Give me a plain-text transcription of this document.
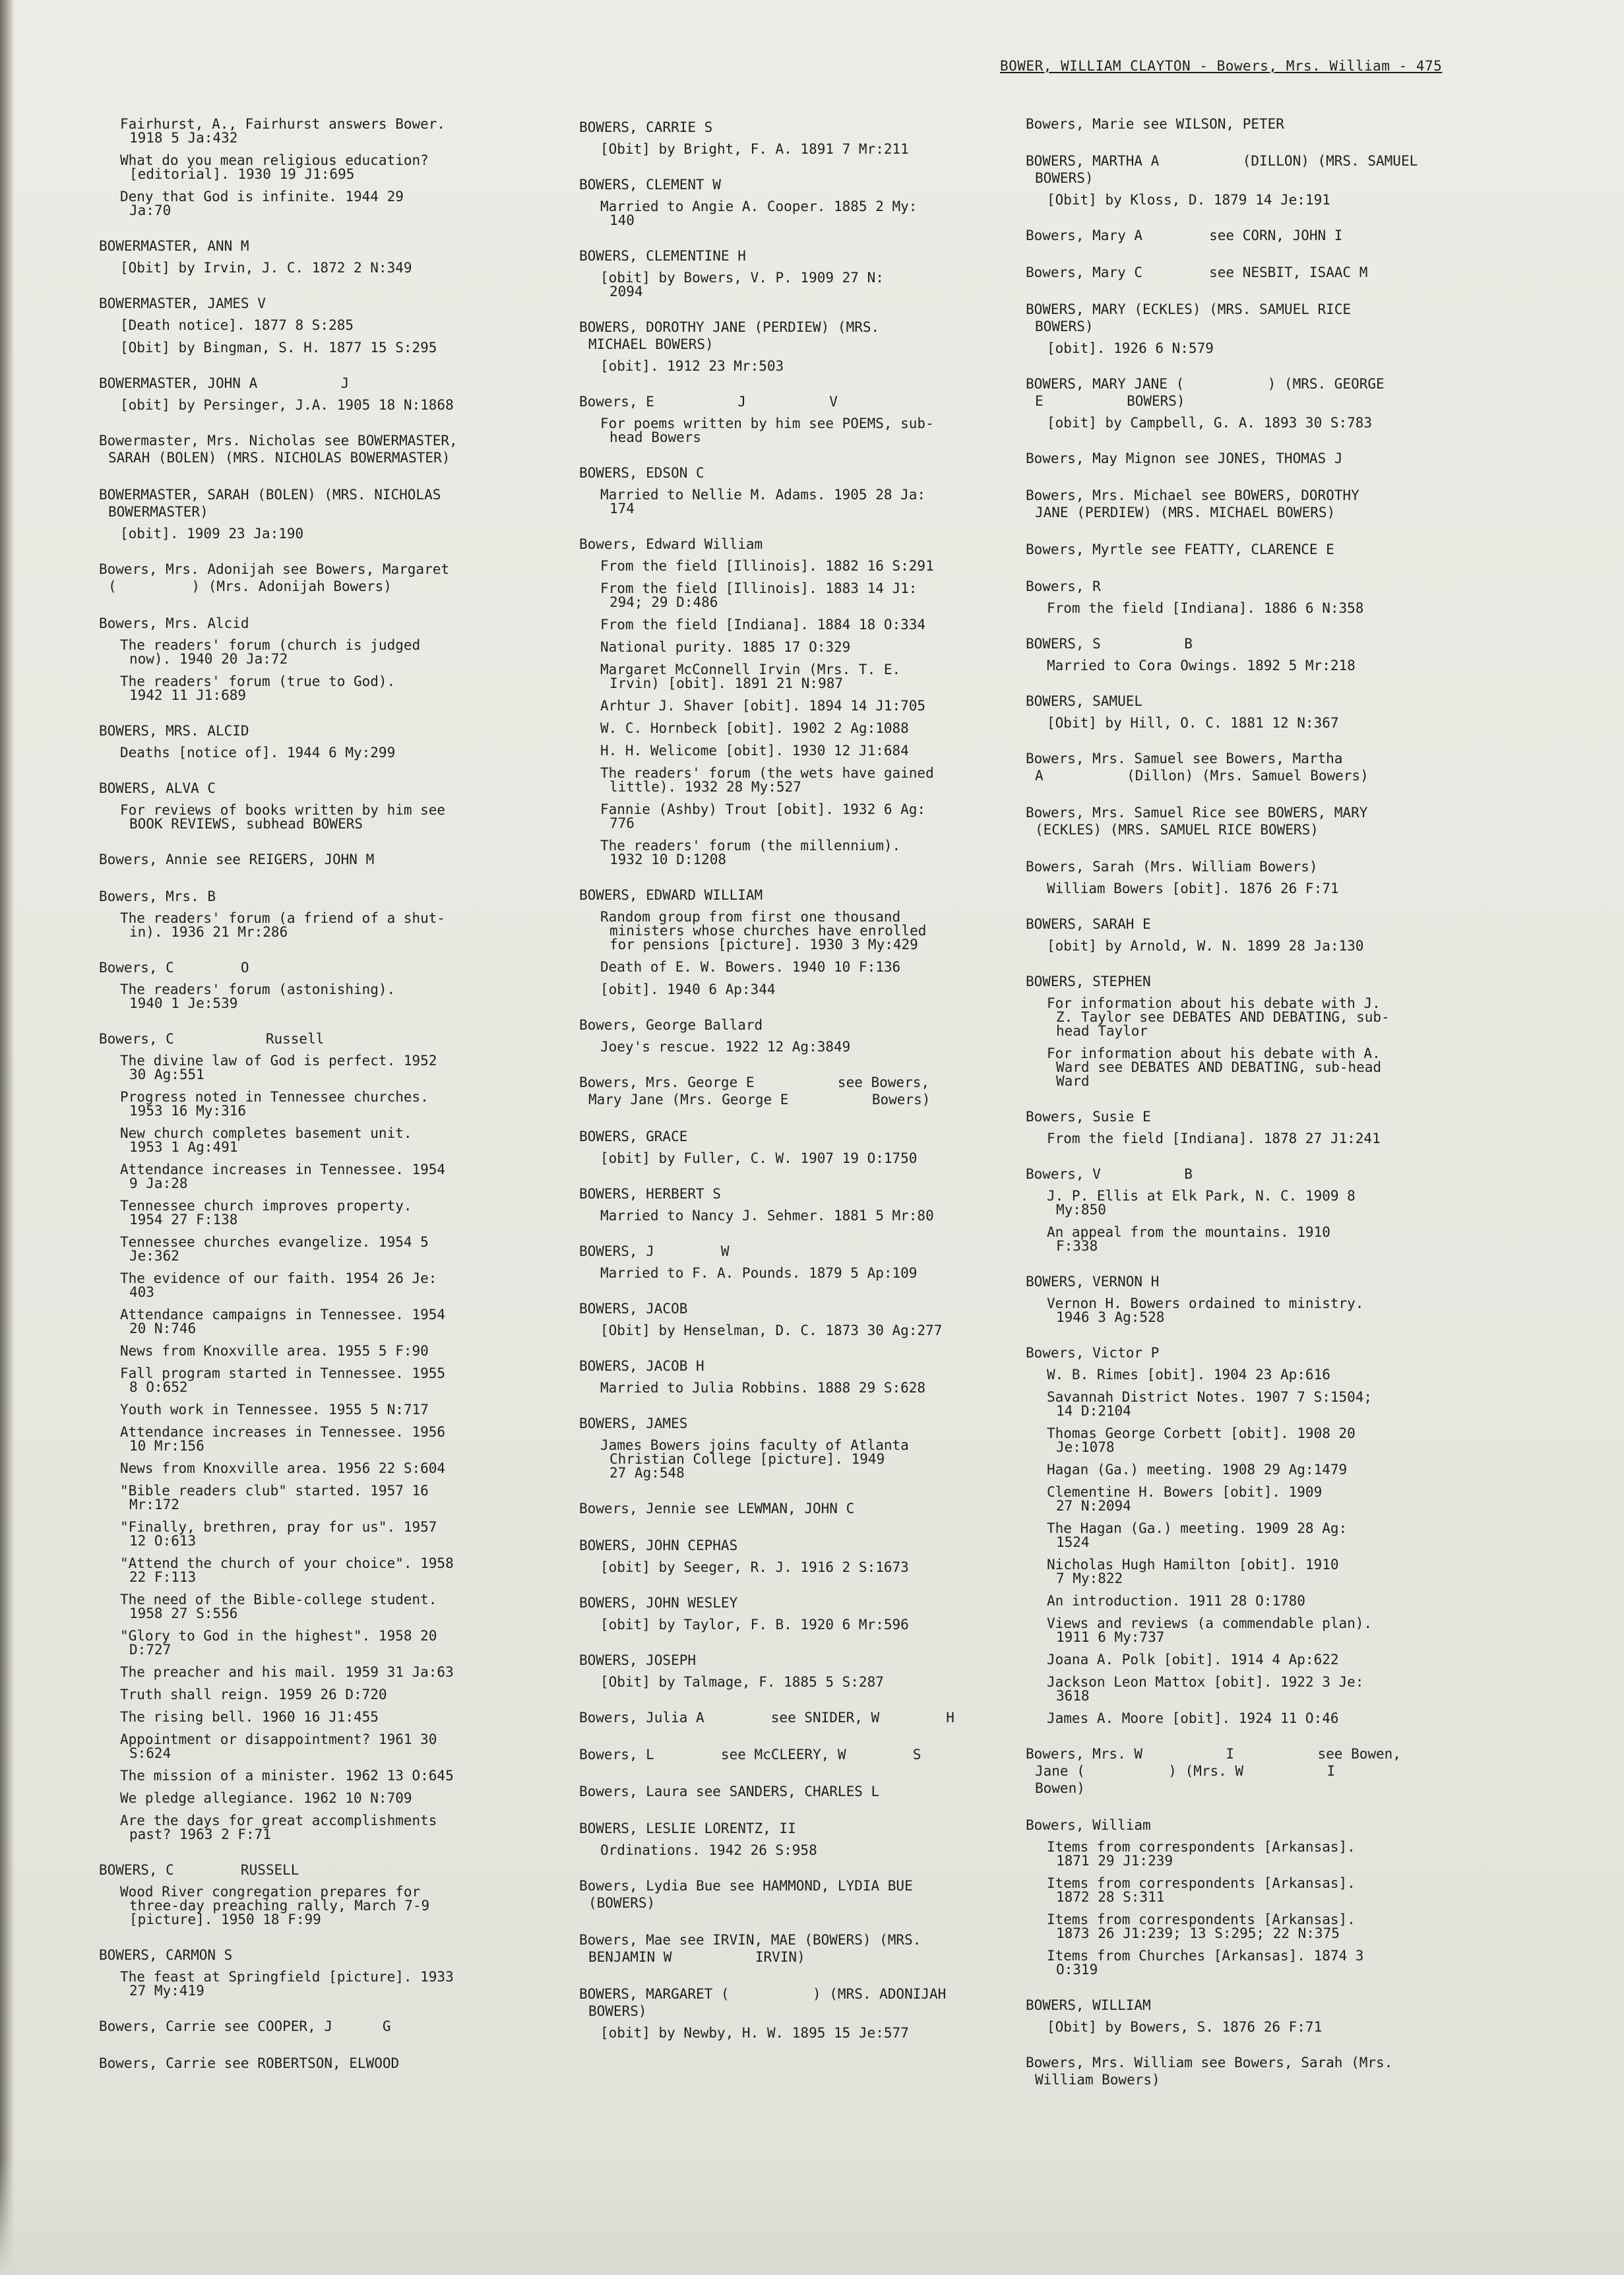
BOWER, WILLIAM CLAYTON - Bowers, Mrs. William - 475
Fairhurst, A., Fairhurst answers Bower.
1918 5 Ja:432
What do you mean religious education?
[editorial]. 1930 19 J1:695
Deny that God is infinite. 1944 29
Ja:70
BOWERMASTER, ANN M
[Obit] by Irvin, J. C. 1872 2 N:349
BOWERMASTER, JAMES V
[Death notice]. 1877 8 S:285
[Obit] by Bingman, S. H. 1877 15 S:295
BOWERMASTER, JOHN A          J
[obit] by Persinger, J.A. 1905 18 N:1868
Bowermaster, Mrs. Nicholas see BOWERMASTER,
SARAH (BOLEN) (MRS. NICHOLAS BOWERMASTER)
BOWERMASTER, SARAH (BOLEN) (MRS. NICHOLAS
BOWERMASTER)
[obit]. 1909 23 Ja:190
Bowers, Mrs. Adonijah see Bowers, Margaret
(         ) (Mrs. Adonijah Bowers)
Bowers, Mrs. Alcid
The readers' forum (church is judged
now). 1940 20 Ja:72
The readers' forum (true to God).
1942 11 J1:689
BOWERS, MRS. ALCID
Deaths [notice of]. 1944 6 My:299
BOWERS, ALVA C
For reviews of books written by him see
BOOK REVIEWS, subhead BOWERS
Bowers, Annie see REIGERS, JOHN M
Bowers, Mrs. B
The readers' forum (a friend of a shut-
in). 1936 21 Mr:286
Bowers, C        O
The readers' forum (astonishing).
1940 1 Je:539
Bowers, C           Russell
The divine law of God is perfect. 1952
30 Ag:551
Progress noted in Tennessee churches.
1953 16 My:316
New church completes basement unit.
1953 1 Ag:491
Attendance increases in Tennessee. 1954
9 Ja:28
Tennessee church improves property.
1954 27 F:138
Tennessee churches evangelize. 1954 5
Je:362
The evidence of our faith. 1954 26 Je:
403
Attendance campaigns in Tennessee. 1954
20 N:746
News from Knoxville area. 1955 5 F:90
Fall program started in Tennessee. 1955
8 O:652
Youth work in Tennessee. 1955 5 N:717
Attendance increases in Tennessee. 1956
10 Mr:156
News from Knoxville area. 1956 22 S:604
"Bible readers club" started. 1957 16
Mr:172
"Finally, brethren, pray for us". 1957
12 O:613
"Attend the church of your choice". 1958
22 F:113
The need of the Bible-college student.
1958 27 S:556
"Glory to God in the highest". 1958 20
D:727
The preacher and his mail. 1959 31 Ja:63
Truth shall reign. 1959 26 D:720
The rising bell. 1960 16 J1:455
Appointment or disappointment? 1961 30
S:624
The mission of a minister. 1962 13 O:645
We pledge allegiance. 1962 10 N:709
Are the days for great accomplishments
past? 1963 2 F:71
BOWERS, C        RUSSELL
Wood River congregation prepares for
three-day preaching rally, March 7-9
[picture]. 1950 18 F:99
BOWERS, CARMON S
The feast at Springfield [picture]. 1933
27 My:419
Bowers, Carrie see COOPER, J      G
Bowers, Carrie see ROBERTSON, ELWOOD
BOWERS, CARRIE S
[Obit] by Bright, F. A. 1891 7 Mr:211
BOWERS, CLEMENT W
Married to Angie A. Cooper. 1885 2 My:
140
BOWERS, CLEMENTINE H
[obit] by Bowers, V. P. 1909 27 N:
2094
BOWERS, DOROTHY JANE (PERDIEW) (MRS.
MICHAEL BOWERS)
[obit]. 1912 23 Mr:503
Bowers, E          J          V
For poems written by him see POEMS, sub-
head Bowers
BOWERS, EDSON C
Married to Nellie M. Adams. 1905 28 Ja:
174
Bowers, Edward William
From the field [Illinois]. 1882 16 S:291
From the field [Illinois]. 1883 14 J1:
294; 29 D:486
From the field [Indiana]. 1884 18 O:334
National purity. 1885 17 O:329
Margaret McConnell Irvin (Mrs. T. E.
Irvin) [obit]. 1891 21 N:987
Arhtur J. Shaver [obit]. 1894 14 J1:705
W. C. Hornbeck [obit]. 1902 2 Ag:1088
H. H. Welicome [obit]. 1930 12 J1:684
The readers' forum (the wets have gained
little). 1932 28 My:527
Fannie (Ashby) Trout [obit]. 1932 6 Ag:
776
The readers' forum (the millennium).
1932 10 D:1208
BOWERS, EDWARD WILLIAM
Random group from first one thousand
ministers whose churches have enrolled
for pensions [picture]. 1930 3 My:429
Death of E. W. Bowers. 1940 10 F:136
[obit]. 1940 6 Ap:344
Bowers, George Ballard
Joey's rescue. 1922 12 Ag:3849
Bowers, Mrs. George E          see Bowers,
Mary Jane (Mrs. George E          Bowers)
BOWERS, GRACE
[obit] by Fuller, C. W. 1907 19 O:1750
BOWERS, HERBERT S
Married to Nancy J. Sehmer. 1881 5 Mr:80
BOWERS, J        W
Married to F. A. Pounds. 1879 5 Ap:109
BOWERS, JACOB
[Obit] by Henselman, D. C. 1873 30 Ag:277
BOWERS, JACOB H
Married to Julia Robbins. 1888 29 S:628
BOWERS, JAMES
James Bowers joins faculty of Atlanta
Christian College [picture]. 1949
27 Ag:548
Bowers, Jennie see LEWMAN, JOHN C
BOWERS, JOHN CEPHAS
[obit] by Seeger, R. J. 1916 2 S:1673
BOWERS, JOHN WESLEY
[obit] by Taylor, F. B. 1920 6 Mr:596
BOWERS, JOSEPH
[Obit] by Talmage, F. 1885 5 S:287
Bowers, Julia A        see SNIDER, W        H
Bowers, L        see McCLEERY, W        S
Bowers, Laura see SANDERS, CHARLES L
BOWERS, LESLIE LORENTZ, II
Ordinations. 1942 26 S:958
Bowers, Lydia Bue see HAMMOND, LYDIA BUE
(BOWERS)
Bowers, Mae see IRVIN, MAE (BOWERS) (MRS.
BENJAMIN W          IRVIN)
BOWERS, MARGARET (          ) (MRS. ADONIJAH
BOWERS)
[obit] by Newby, H. W. 1895 15 Je:577
Bowers, Marie see WILSON, PETER
BOWERS, MARTHA A          (DILLON) (MRS. SAMUEL
BOWERS)
[Obit] by Kloss, D. 1879 14 Je:191
Bowers, Mary A        see CORN, JOHN I
Bowers, Mary C        see NESBIT, ISAAC M
BOWERS, MARY (ECKLES) (MRS. SAMUEL RICE
BOWERS)
[obit]. 1926 6 N:579
BOWERS, MARY JANE (          ) (MRS. GEORGE
E          BOWERS)
[obit] by Campbell, G. A. 1893 30 S:783
Bowers, May Mignon see JONES, THOMAS J
Bowers, Mrs. Michael see BOWERS, DOROTHY
JANE (PERDIEW) (MRS. MICHAEL BOWERS)
Bowers, Myrtle see FEATTY, CLARENCE E
Bowers, R
From the field [Indiana]. 1886 6 N:358
BOWERS, S          B
Married to Cora Owings. 1892 5 Mr:218
BOWERS, SAMUEL
[Obit] by Hill, O. C. 1881 12 N:367
Bowers, Mrs. Samuel see Bowers, Martha
A          (Dillon) (Mrs. Samuel Bowers)
Bowers, Mrs. Samuel Rice see BOWERS, MARY
(ECKLES) (MRS. SAMUEL RICE BOWERS)
Bowers, Sarah (Mrs. William Bowers)
William Bowers [obit]. 1876 26 F:71
BOWERS, SARAH E
[obit] by Arnold, W. N. 1899 28 Ja:130
BOWERS, STEPHEN
For information about his debate with J.
Z. Taylor see DEBATES AND DEBATING, sub-
head Taylor
For information about his debate with A.
Ward see DEBATES AND DEBATING, sub-head
Ward
Bowers, Susie E
From the field [Indiana]. 1878 27 J1:241
Bowers, V          B
J. P. Ellis at Elk Park, N. C. 1909 8
My:850
An appeal from the mountains. 1910
F:338
BOWERS, VERNON H
Vernon H. Bowers ordained to ministry.
1946 3 Ag:528
Bowers, Victor P
W. B. Rimes [obit]. 1904 23 Ap:616
Savannah District Notes. 1907 7 S:1504;
14 D:2104
Thomas George Corbett [obit]. 1908 20
Je:1078
Hagan (Ga.) meeting. 1908 29 Ag:1479
Clementine H. Bowers [obit]. 1909
27 N:2094
The Hagan (Ga.) meeting. 1909 28 Ag:
1524
Nicholas Hugh Hamilton [obit]. 1910
7 My:822
An introduction. 1911 28 O:1780
Views and reviews (a commendable plan).
1911 6 My:737
Joana A. Polk [obit]. 1914 4 Ap:622
Jackson Leon Mattox [obit]. 1922 3 Je:
3618
James A. Moore [obit]. 1924 11 O:46
Bowers, Mrs. W          I          see Bowen,
Jane (          ) (Mrs. W          I
Bowen)
Bowers, William
Items from correspondents [Arkansas].
1871 29 J1:239
Items from correspondents [Arkansas].
1872 28 S:311
Items from correspondents [Arkansas].
1873 26 J1:239; 13 S:295; 22 N:375
Items from Churches [Arkansas]. 1874 3
O:319
BOWERS, WILLIAM
[Obit] by Bowers, S. 1876 26 F:71
Bowers, Mrs. William see Bowers, Sarah (Mrs.
William Bowers)
